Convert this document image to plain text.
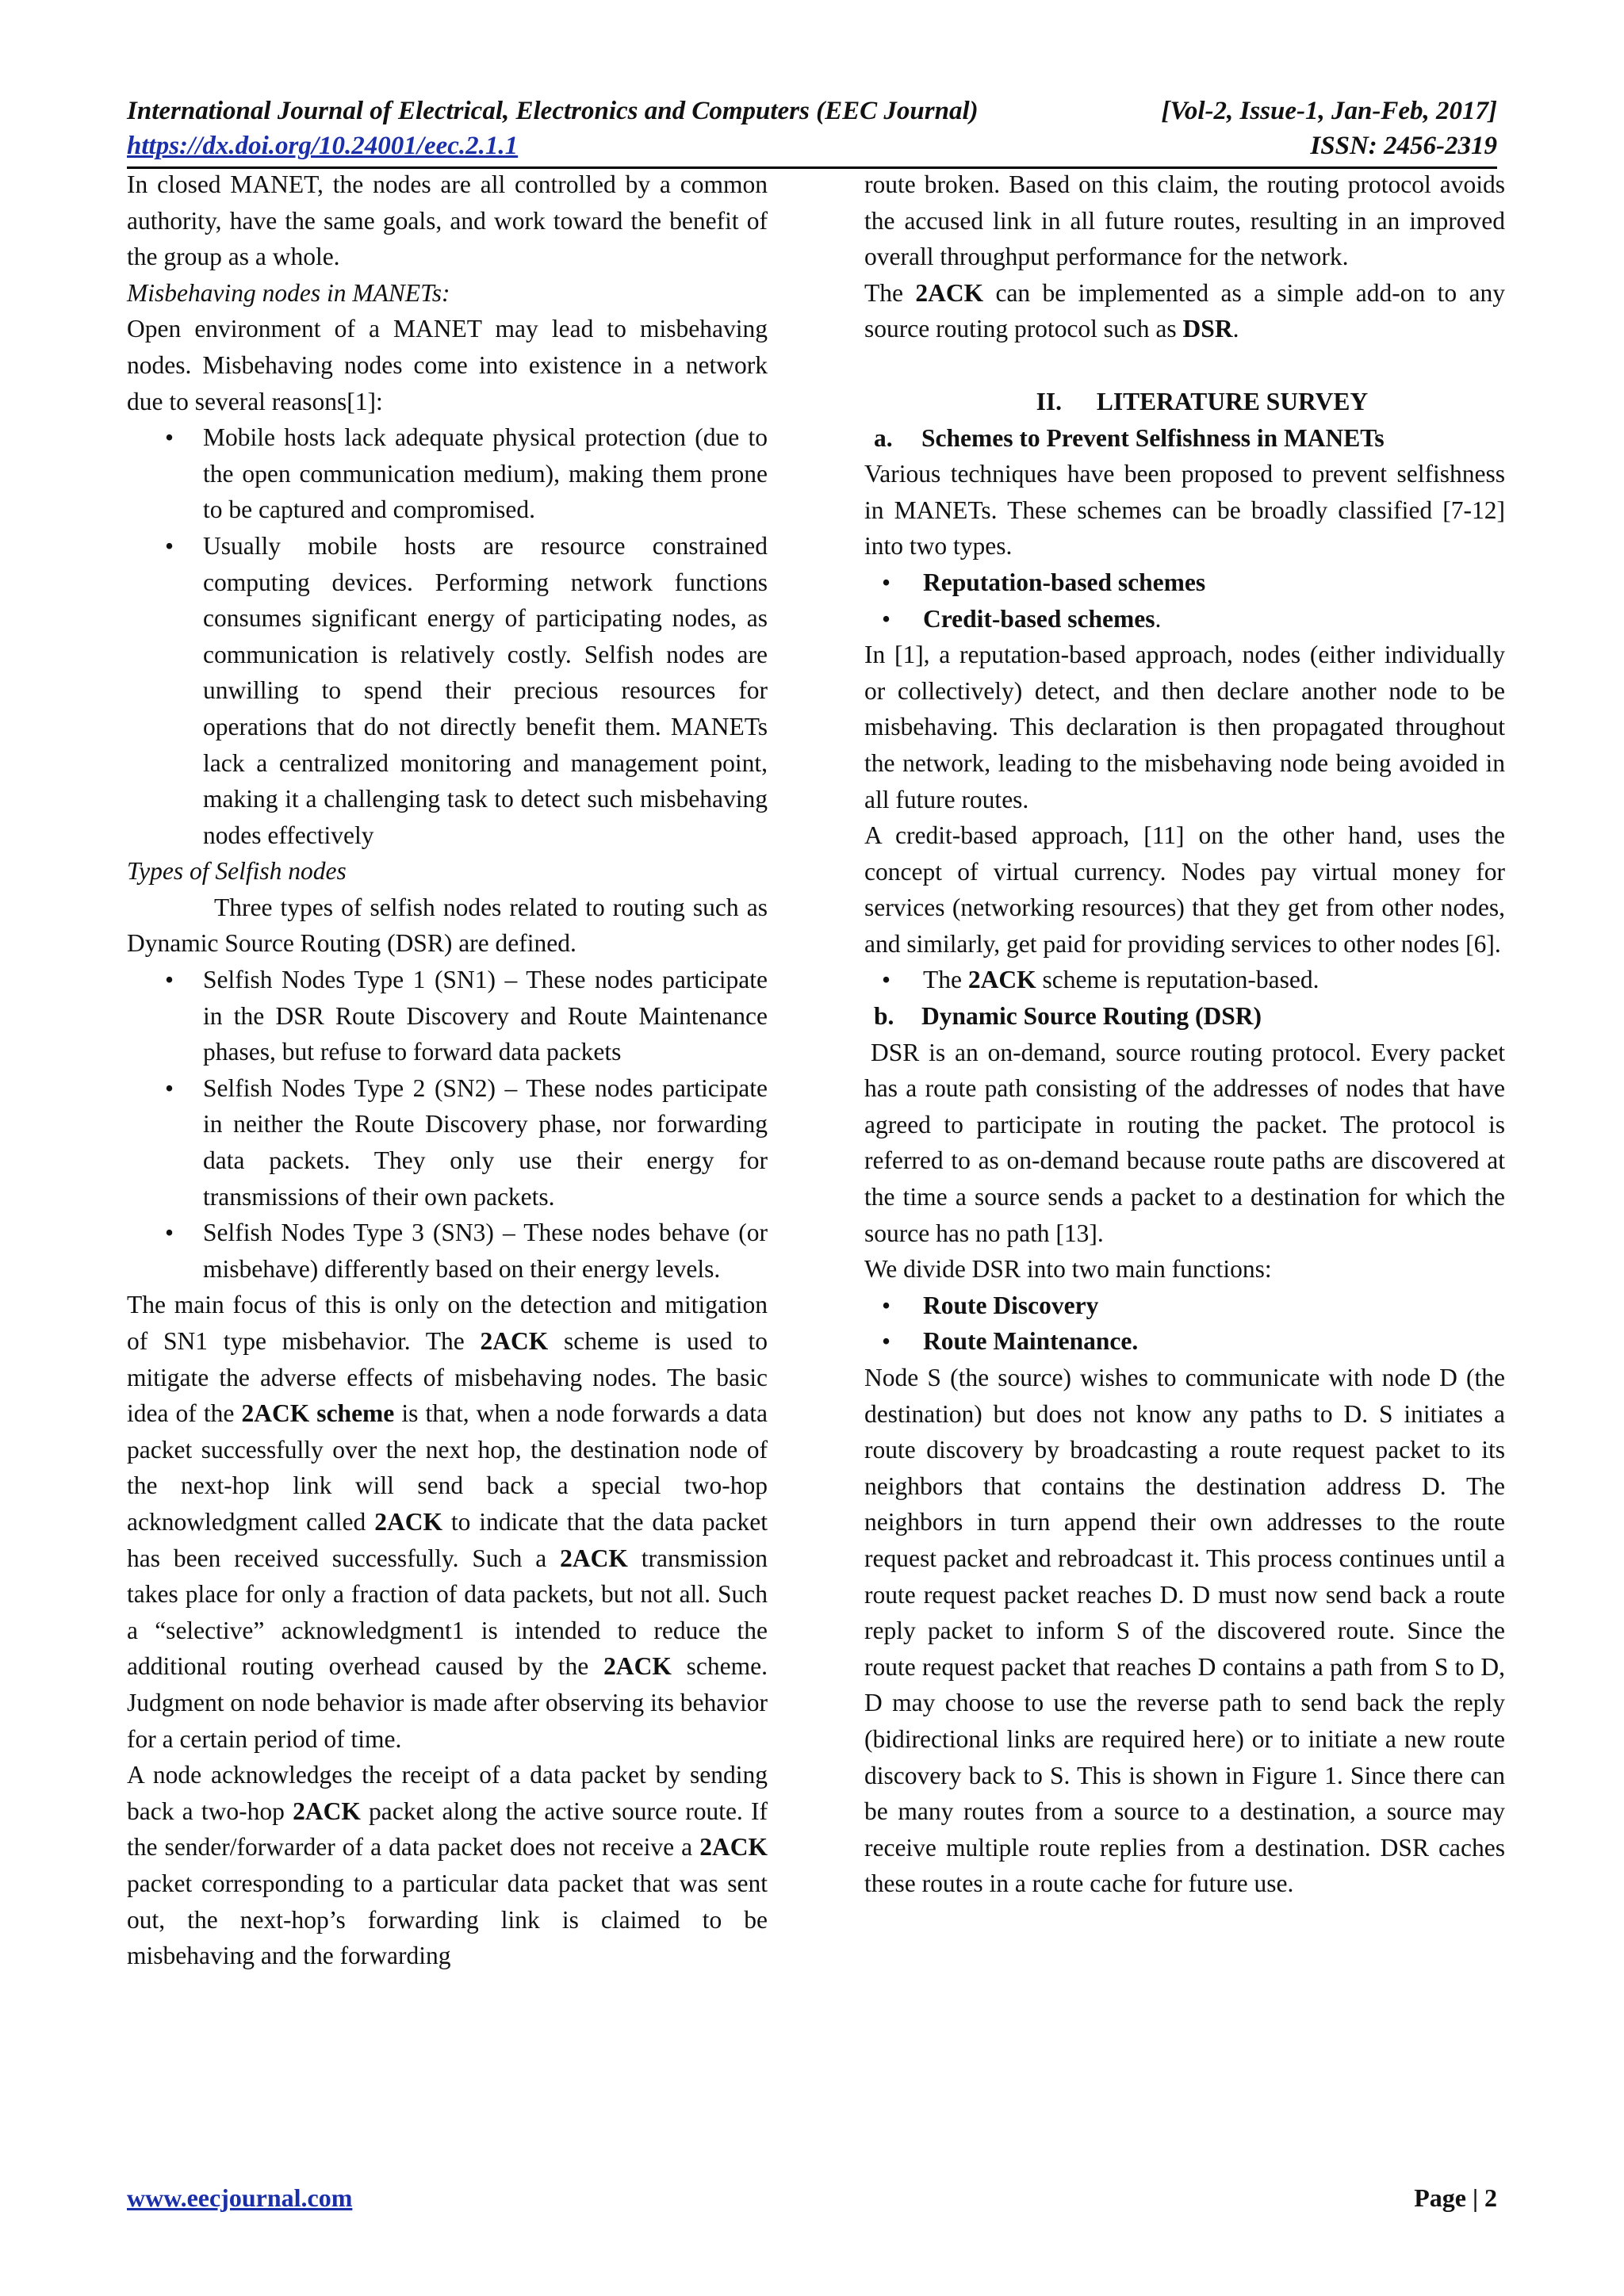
International Journal of Electrical, Electronics and Computers (EEC Journal)	[Vol-2, Issue-1, Jan-Feb, 2017]
https://dx.doi.org/10.24001/eec.2.1.1	ISSN: 2456-2319

In closed MANET, the nodes are all controlled by a common authority, have the same goals, and work toward the benefit of the group as a whole.

Misbehaving nodes in MANETs:

Open environment of a MANET may lead to misbehaving nodes. Misbehaving nodes come into existence in a network due to several reasons[1]:

• Mobile hosts lack adequate physical protection (due to the open communication medium), making them prone to be captured and compromised.
• Usually mobile hosts are resource constrained computing devices. Performing network functions consumes significant energy of participating nodes, as communication is relatively costly. Selfish nodes are unwilling to spend their precious resources for operations that do not directly benefit them. MANETs lack a centralized monitoring and management point, making it a challenging task to detect such misbehaving nodes effectively

Types of Selfish nodes

Three types of selfish nodes related to routing such as Dynamic Source Routing (DSR) are defined.

• Selfish Nodes Type 1 (SN1) – These nodes participate in the DSR Route Discovery and Route Maintenance phases, but refuse to forward data packets
• Selfish Nodes Type 2 (SN2) – These nodes participate in neither the Route Discovery phase, nor forwarding data packets. They only use their energy for transmissions of their own packets.
• Selfish Nodes Type 3 (SN3) – These nodes behave (or misbehave) differently based on their energy levels.

The main focus of this is only on the detection and mitigation of SN1 type misbehavior. The 2ACK scheme is used to mitigate the adverse effects of misbehaving nodes. The basic idea of the 2ACK scheme is that, when a node forwards a data packet successfully over the next hop, the destination node of the next-hop link will send back a special two-hop acknowledgment called 2ACK to indicate that the data packet has been received successfully. Such a 2ACK transmission takes place for only a fraction of data packets, but not all. Such a “selective” acknowledgment1 is intended to reduce the additional routing overhead caused by the 2ACK scheme. Judgment on node behavior is made after observing its behavior for a certain period of time.

A node acknowledges the receipt of a data packet by sending back a two-hop 2ACK packet along the active source route. If the sender/forwarder of a data packet does not receive a 2ACK packet corresponding to a particular data packet that was sent out, the next-hop’s forwarding link is claimed to be misbehaving and the forwarding

route broken. Based on this claim, the routing protocol avoids the accused link in all future routes, resulting in an improved overall throughput performance for the network.

The 2ACK can be implemented as a simple add-on to any source routing protocol such as DSR.

II. LITERATURE SURVEY

a. Schemes to Prevent Selfishness in MANETs

Various techniques have been proposed to prevent selfishness in MANETs. These schemes can be broadly classified [7-12] into two types.

• Reputation-based schemes
• Credit-based schemes.

In [1], a reputation-based approach, nodes (either individually or collectively) detect, and then declare another node to be misbehaving. This declaration is then propagated throughout the network, leading to the misbehaving node being avoided in all future routes.

A credit-based approach, [11] on the other hand, uses the concept of virtual currency. Nodes pay virtual money for services (networking resources) that they get from other nodes, and similarly, get paid for providing services to other nodes [6].

• The 2ACK scheme is reputation-based.

b. Dynamic Source Routing (DSR)

DSR is an on-demand, source routing protocol. Every packet has a route path consisting of the addresses of nodes that have agreed to participate in routing the packet. The protocol is referred to as on-demand because route paths are discovered at the time a source sends a packet to a destination for which the source has no path [13].

We divide DSR into two main functions:

• Route Discovery
• Route Maintenance.

Node S (the source) wishes to communicate with node D (the destination) but does not know any paths to D. S initiates a route discovery by broadcasting a route request packet to its neighbors that contains the destination address D. The neighbors in turn append their own addresses to the route request packet and rebroadcast it. This process continues until a route request packet reaches D. D must now send back a route reply packet to inform S of the discovered route. Since the route request packet that reaches D contains a path from S to D, D may choose to use the reverse path to send back the reply (bidirectional links are required here) or to initiate a new route discovery back to S. This is shown in Figure 1. Since there can be many routes from a source to a destination, a source may receive multiple route replies from a destination. DSR caches these routes in a route cache for future use.

www.eecjournal.com	Page | 2
